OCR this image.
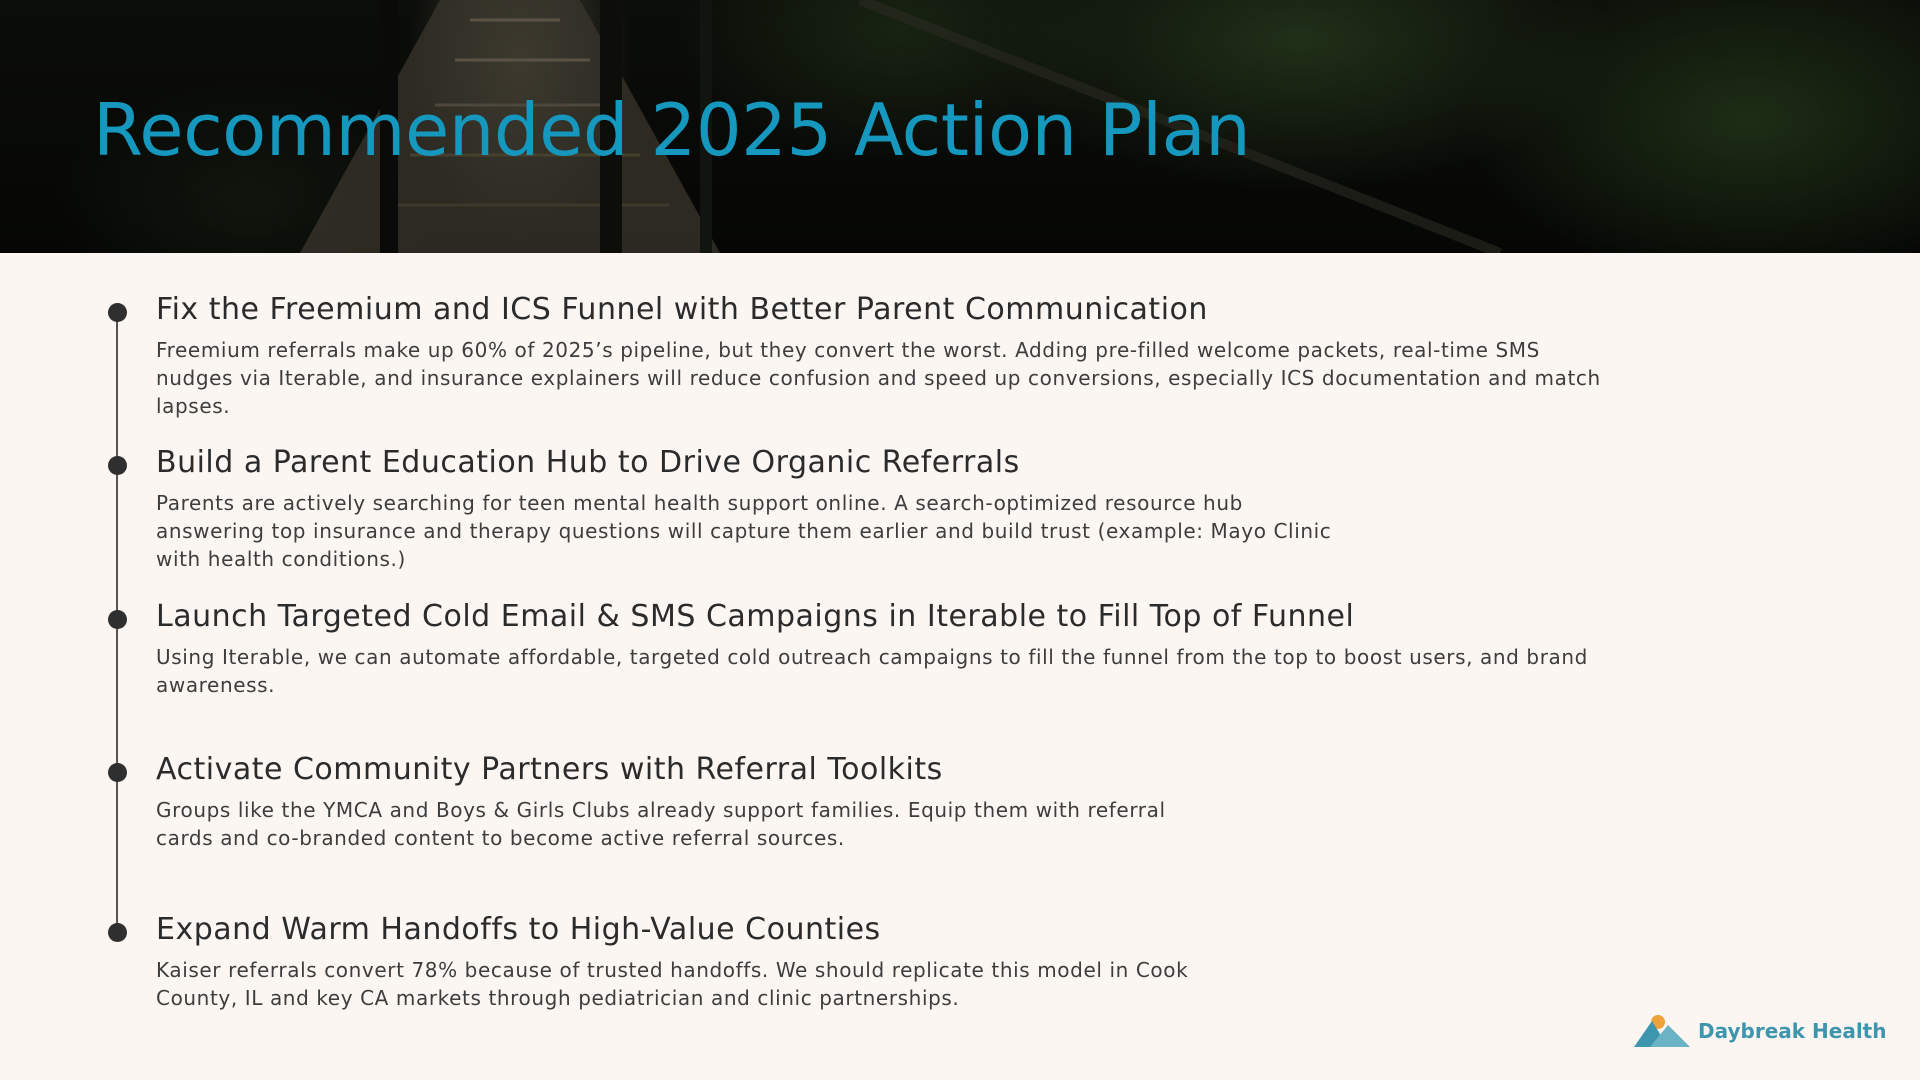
Recommended 2025 Action Plan
Fix the Freemium and ICS Funnel with Better Parent Communication

Freemium referrals make up 60% of 2025’s pipeline, but they convert the worst. Adding pre-filled welcome packets, real-time SMS nudges via Iterable, and insurance explainers will reduce confusion and speed up conversions, especially ICS documentation and match lapses.

Build a Parent Education Hub to Drive Organic Referrals

Parents are actively searching for teen mental health support online. A search-optimized resource hub answering top insurance and therapy questions will capture them earlier and build trust (example: Mayo Clinic with health conditions.)

Launch Targeted Cold Email & SMS Campaigns in Iterable to Fill Top of Funnel

Using Iterable, we can automate affordable, targeted cold outreach campaigns to fill the funnel from the top to boost users, and brand awareness.

Activate Community Partners with Referral Toolkits

Groups like the YMCA and Boys & Girls Clubs already support families. Equip them with referral cards and co-branded content to become active referral sources.

Expand Warm Handoffs to High-Value Counties

Kaiser referrals convert 78% because of trusted handoffs. We should replicate this model in Cook County, IL and key CA markets through pediatrician and clinic partnerships.

Daybreak Health
